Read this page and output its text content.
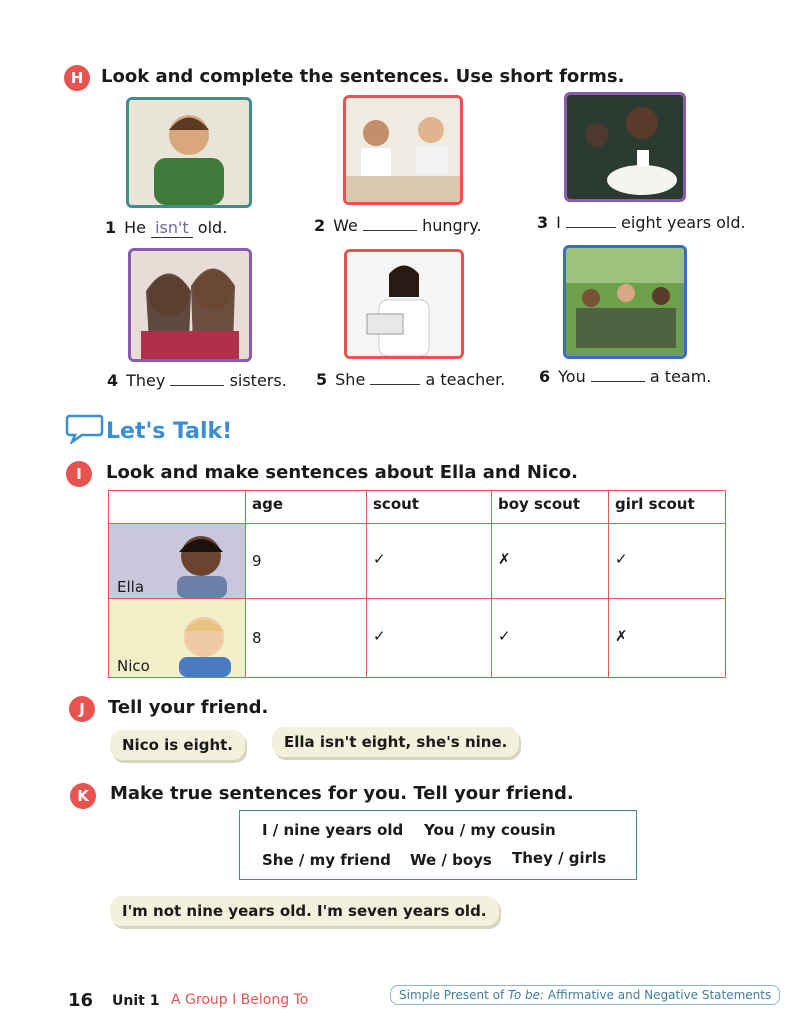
H Look and complete the sentences. Use short forms.
1 He isn't old.	2 We	hungry.	3 I	eight years old.
4 They	sisters. 5 She	a teacher. 6 You	a team.
Let's Talk!
I	Look and make sentences about Ella and Nico.
	age	scout	boy scout	girl scout

Ella	9	✓	✗	✓

Nico	8	✓	✓	✗
J	Tell your friend.
Nico is eight.	Ella isn't eight, she's nine.
K	Make true sentences for you. Tell your friend.
I / nine years old You / my cousin
She / my friend We / boys They / girls
I'm not nine years old. I'm seven years old.
16 Unit 1 A Group I Belong To	Simple Present of To be: Affirmative and Negative Statements
